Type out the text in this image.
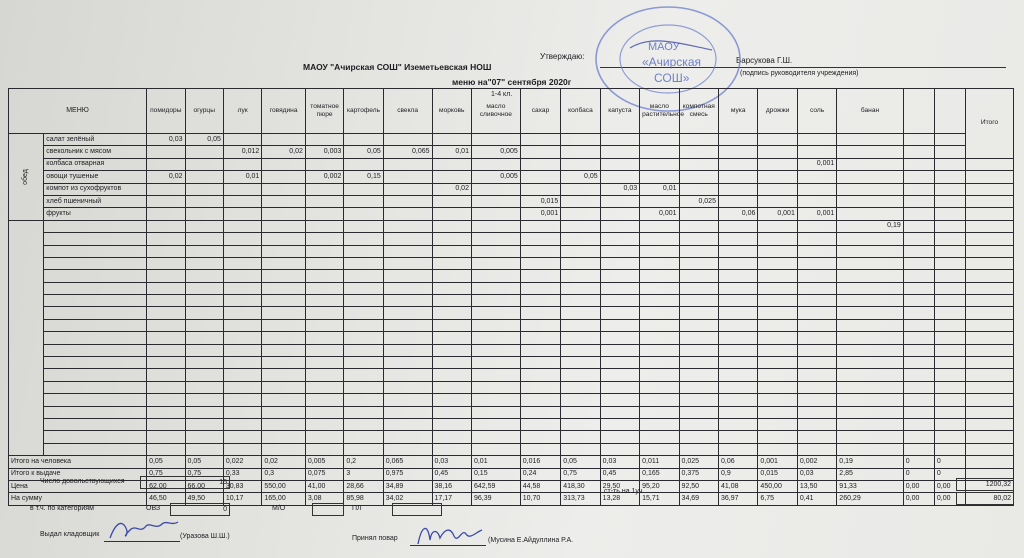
Утверждаю:	Барсукова Г.Ш.
(подпись руководителя учреждения)
МАОУ "Ачирская СОШ" Иземетьевская НОШ
меню на"07" сентября 2020г
1-4 кл.
МАОУ
«Ачирская
СОШ»
МЕНЮ		помидоры	огурцы	лук	говядина	томатное пюре	картофель	свекла	морковь	масло сливочное	сахар	колбаса	капуста	масло растительное	компотная смесь	мука	дрожжи	соль	банан			Итого
обед	салат зелёный	0,03	0,05																			
	свекольник с мясом			0,012	0,02	0,003	0,05	0,065	0,01	0,005												
	колбаса отварная																	0,001				
	овощи тушеные	0,02		0,01		0,002	0,15			0,005		0,05										
	компот из сухофруктов								0,02				0,03	0,01								
	хлеб пшеничный										0,015				0,025							
	фрукты										0,001			0,001		0,06	0,001	0,001				
																			0,19			

Итого на человека		0,05	0,05	0,022	0,02	0,005	0,2	0,065	0,03	0,01	0,016	0,05	0,03	0,011	0,025	0,06	0,001	0,002	0,19	0	0	
Итого к выдаче		0,75	0,75	0,33	0,3	0,075	3	0,975	0,45	0,15	0,24	0,75	0,45	0,165	0,375	0,9	0,015	0,03	2,85	0	0	
Цена		62,00	66,00	30,83	550,00	41,00	28,66	34,89	38,16	642,59	44,58	418,30	29,50	95,20	92,50	41,08	450,00	13,50	91,33	0,00	0,00	
На сумму		46,50	49,50	10,17	165,00	3,08	85,98	34,02	17,17	96,39	10,70	313,73	13,28	15,71	34,69	36,97	6,75	0,41	260,29	0,00	0,00	
Число довольствующихся	15
ст-ть на 1уч.
1200,32
80,02
в т.ч. по категориям	ОВЗ	0	М/О	ПЛ
Выдал кладовщик	(Уразова Ш.Ш.)	Принял повар	(Мусина Е.Айдуллина Р.А.
